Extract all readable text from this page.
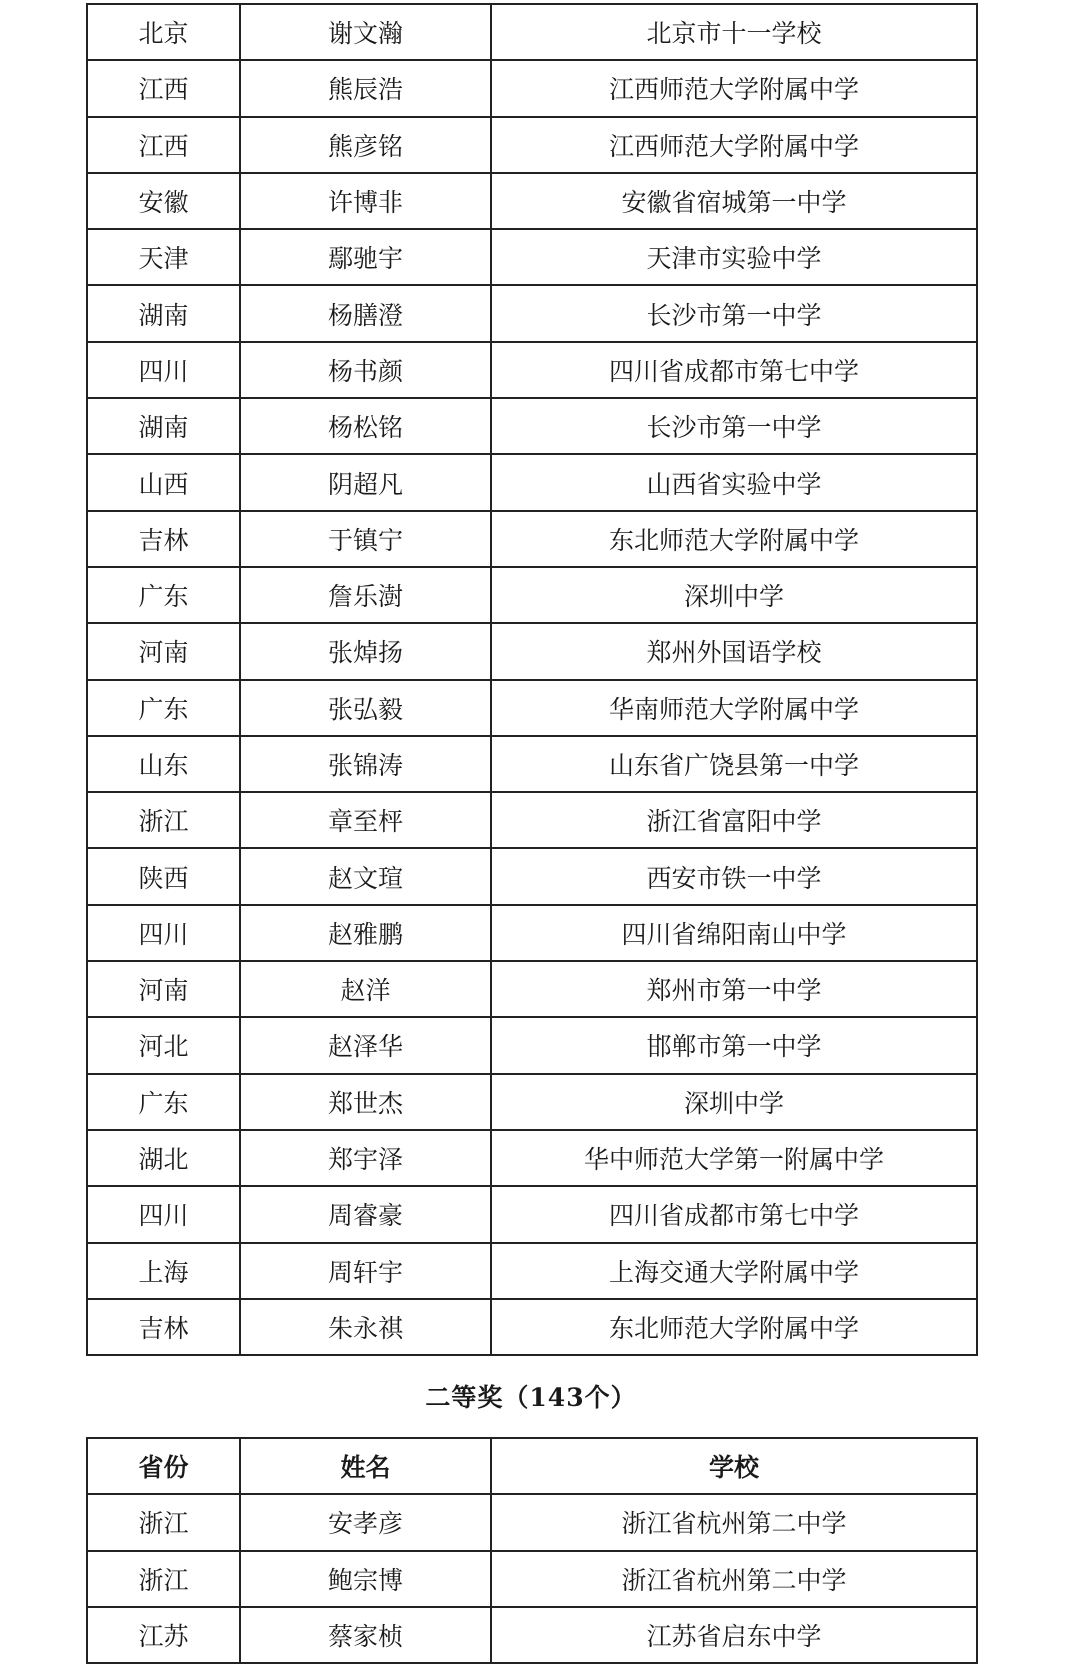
北京	谢文瀚	北京市十一学校
江西	熊辰浩	江西师范大学附属中学
江西	熊彦铭	江西师范大学附属中学
安徽	许博非	安徽省宿城第一中学
天津	鄢驰宇	天津市实验中学
湖南	杨膳澄	长沙市第一中学
四川	杨书颜	四川省成都市第七中学
湖南	杨松铭	长沙市第一中学
山西	阴超凡	山西省实验中学
吉林	于镇宁	东北师范大学附属中学
广东	詹乐澍	深圳中学
河南	张焯扬	郑州外国语学校
广东	张弘毅	华南师范大学附属中学
山东	张锦涛	山东省广饶县第一中学
浙江	章至枰	浙江省富阳中学
陕西	赵文瑄	西安市铁一中学
四川	赵雅鹏	四川省绵阳南山中学
河南	赵洋	郑州市第一中学
河北	赵泽华	邯郸市第一中学
广东	郑世杰	深圳中学
湖北	郑宇泽	华中师范大学第一附属中学
四川	周睿豪	四川省成都市第七中学
上海	周轩宇	上海交通大学附属中学
吉林	朱永祺	东北师范大学附属中学
二等奖（143个）
省份	姓名	学校
浙江	安孝彦	浙江省杭州第二中学
浙江	鲍宗博	浙江省杭州第二中学
江苏	蔡家桢	江苏省启东中学
